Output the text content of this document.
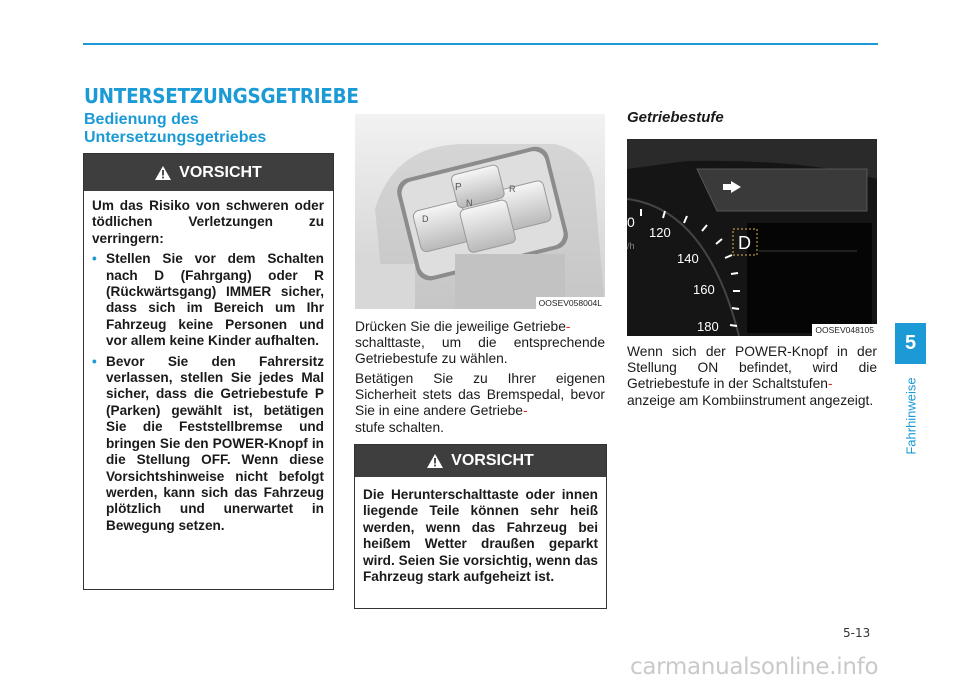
UNTERSETZUNGSGETRIEBE
Bedienung des Untersetzungsgetriebes
VORSICHT
Um das Risiko von schweren oder tödlichen Verletzungen zu verringern:
• Stellen Sie vor dem Schalten nach D (Fahrgang) oder R (Rückwärtsgang) IMMER sicher, dass sich im Bereich um Ihr Fahrzeug keine Personen und vor allem keine Kinder aufhalten.
• Bevor Sie den Fahrersitz verlassen, stellen Sie jedes Mal sicher, dass die Getriebestufe P (Parken) gewählt ist, betätigen Sie die Feststellbremse und bringen Sie den POWER-Knopf in die Stellung OFF. Wenn diese Vorsichtshinweise nicht befolgt werden, kann sich das Fahrzeug plötzlich und unerwartet in Bewegung setzen.
P	R
N
D
OOSEV058004L
Drücken Sie die jeweilige Getriebe-
schalttaste, um die entsprechende Getriebestufe zu wählen.
Betätigen Sie zu Ihrer eigenen Sicherheit stets das Bremspedal, bevor Sie in eine andere Getriebe-
stufe schalten.
VORSICHT
Die Herunterschalttaste oder innen liegende Teile können sehr heiß werden, wenn das Fahrzeug bei heißem Wetter draußen geparkt wird. Seien Sie vorsichtig, wenn das Fahrzeug stark aufgeheizt ist.
Getriebestufe
0
120
140
160
180
/h	D
OOSEV048105
Wenn sich der POWER-Knopf in der Stellung ON befindet, wird die Getriebestufe in der Schaltstufen-
anzeige am Kombiinstrument angezeigt.
5
Fahrhinweise
5-13
carmanualsonline.info
